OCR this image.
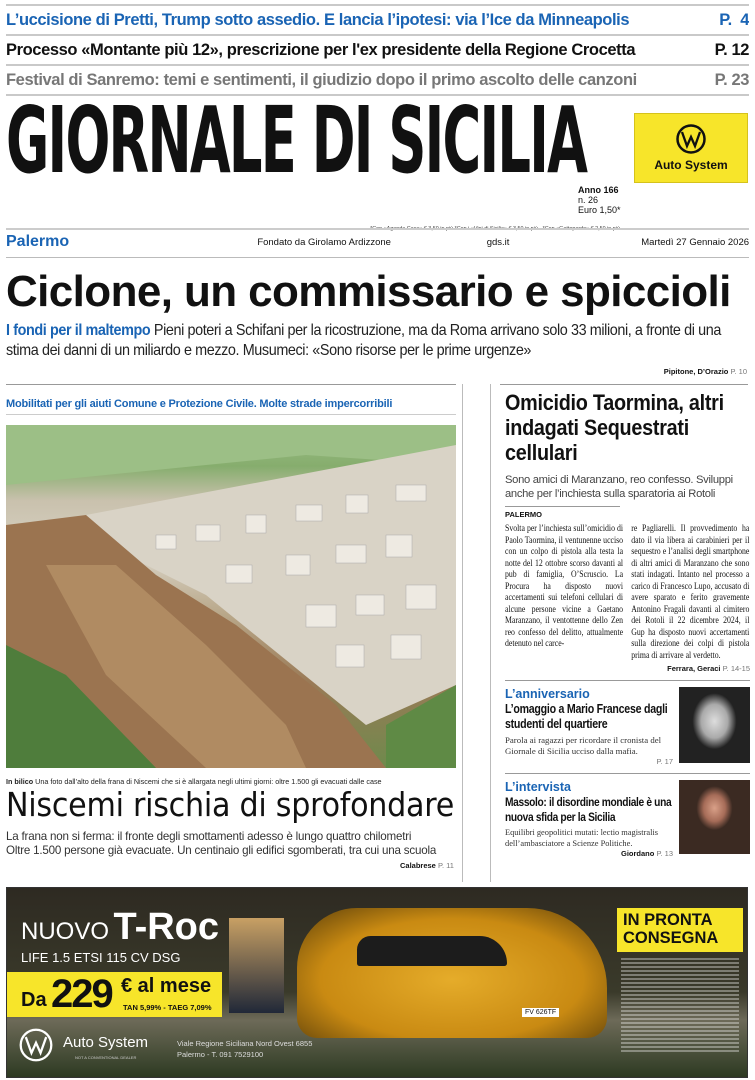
L’uccisione di Pretti, Trump sotto assedio. E lancia l’ipotesi: via l’Ice da Minneapolis	P.  4
Processo «Montante più 12», prescrizione per l'ex presidente della Regione Crocetta	P. 12
Festival di Sanremo: temi e sentimenti, il giudizio dopo il primo ascolto delle canzoni	P. 23
GIORNALE DI SICILIA	Auto System
Anno 166
n. 26
Euro 1,50*
Palermo	Fondato da Girolamo Ardizzone	gds.it	Martedì 27 Gennaio 2026
Ciclone, un commissario e spiccioli
I fondi per il maltempo Pieni poteri a Schifani per la ricostruzione, ma da Roma arrivano solo 33 milioni, a fronte di una stima dei danni di un miliardo e mezzo. Musumeci: «Sono risorse per le prime urgenze»
Pipitone, D’Orazio P. 10
Mobilitati per gli aiuti Comune e Protezione Civile. Molte strade impercorribili
In bilico Una foto dall’alto della frana di Niscemi che si è allargata negli ultimi giorni: oltre 1.500 gli evacuati dalle case
Niscemi rischia di sprofondare
La frana non si ferma: il fronte degli smottamenti adesso è lungo quattro chilometri
Oltre 1.500 persone già evacuate. Un centinaio gli edifici sgomberati, tra cui una scuola
Calabrese P. 11
Omicidio Taormina, altri indagati Sequestrati cellulari
Sono amici di Maranzano, reo confesso. Sviluppi anche per l’inchiesta sulla sparatoria ai Rotoli
PALERMO

Svolta per l’inchiesta sull’omicidio di Paolo Taormina, il ventunenne ucciso con un colpo di pistola alla testa la notte del 12 ottobre scorso davanti al pub di famiglia, O’Scruscio. La Procura ha disposto nuovi accertamenti sui telefoni cellulari di alcune persone vicine a Gaetano Maranzano, il ventottenne dello Zen reo confesso del delitto, attualmente detenuto nel carce-

re Pagliarelli. Il provvedimento ha dato il via libera ai carabinieri per il sequestro e l’analisi degli smartphone di altri amici di Maranzano che sono stati indagati. Intanto nel processo a carico di Francesco Lupo, accusato di avere sparato e ferito gravemente Antonino Fragali davanti al cimitero dei Rotoli il 22 dicembre 2024, il Gup ha disposto nuovi accertamenti sulla direzione dei colpi di pistola prima di arrivare al verdetto.

Ferrara, Geraci P. 14-15
L’anniversario
L’omaggio a Mario Francese dagli studenti del quartiere
Parola ai ragazzi per ricordare il cronista del Giornale di Sicilia ucciso dalla mafia.
P. 17
L’intervista
Massolo: il disordine mondiale è una nuova sfida per la Sicilia
Equilibri geopolitici mutati: lectio magistralis dell’ambasciatore a Scienze Politiche.
Giordano P. 13
NUOVO T-Roc
LIFE 1.5 ETSI 115 CV DSG
Da 229 € al mese
TAN 5,99% - TAEG 7,09%
FV 626TF
Auto System
NOT A CONVENTIONAL DEALER
Viale Regione Siciliana Nord Ovest 6855
Palermo - T. 091 7529100
IN PRONTA
CONSEGNA
